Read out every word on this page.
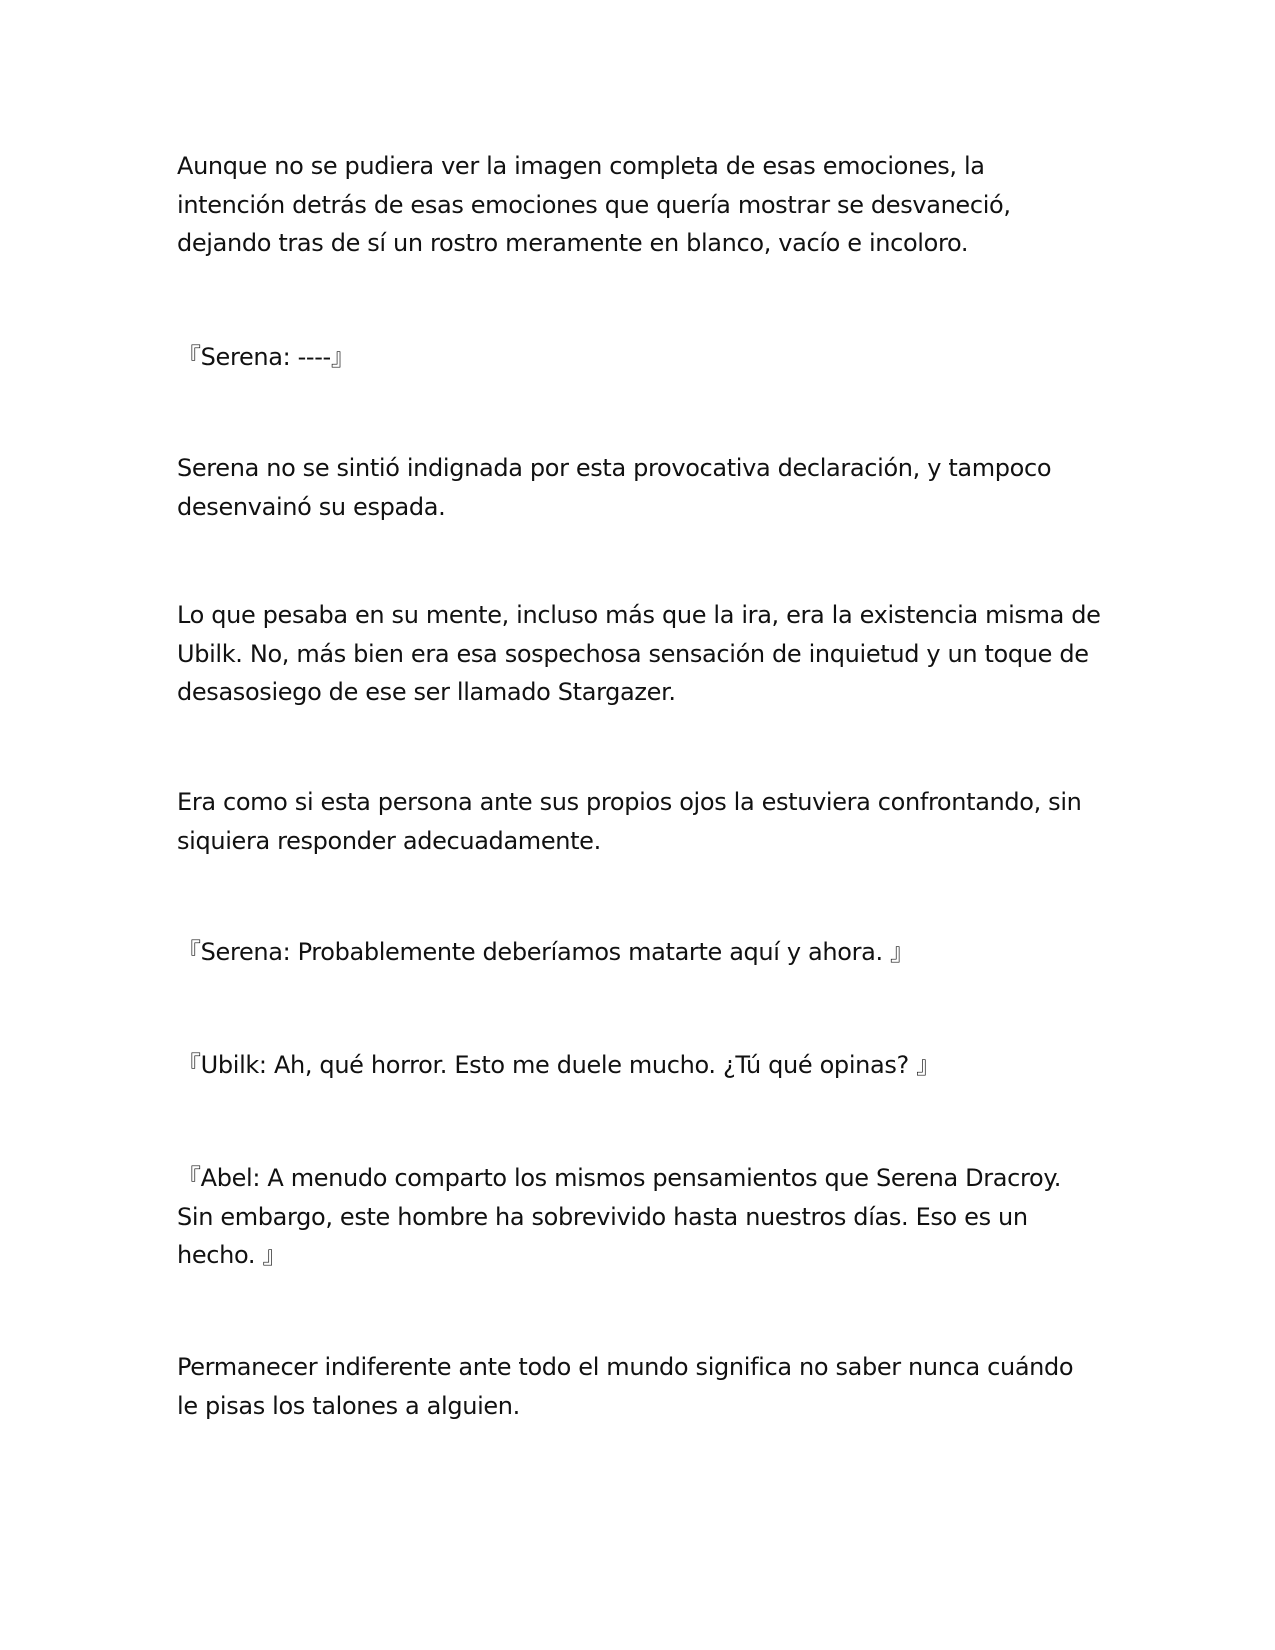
Aunque no se pudiera ver la imagen completa de esas emociones, la
intención detrás de esas emociones que quería mostrar se desvaneció,
dejando tras de sí un rostro meramente en blanco, vacío e incoloro.

『Serena: ----』

Serena no se sintió indignada por esta provocativa declaración, y tampoco
desenvainó su espada.

Lo que pesaba en su mente, incluso más que la ira, era la existencia misma de
Ubilk. No, más bien era esa sospechosa sensación de inquietud y un toque de
desasosiego de ese ser llamado Stargazer.

Era como si esta persona ante sus propios ojos la estuviera confrontando, sin
siquiera responder adecuadamente.

『Serena: Probablemente deberíamos matarte aquí y ahora. 』

『Ubilk: Ah, qué horror. Esto me duele mucho. ¿Tú qué opinas? 』

『Abel: A menudo comparto los mismos pensamientos que Serena Dracroy.
Sin embargo, este hombre ha sobrevivido hasta nuestros días. Eso es un
hecho. 』

Permanecer indiferente ante todo el mundo significa no saber nunca cuándo
le pisas los talones a alguien.
